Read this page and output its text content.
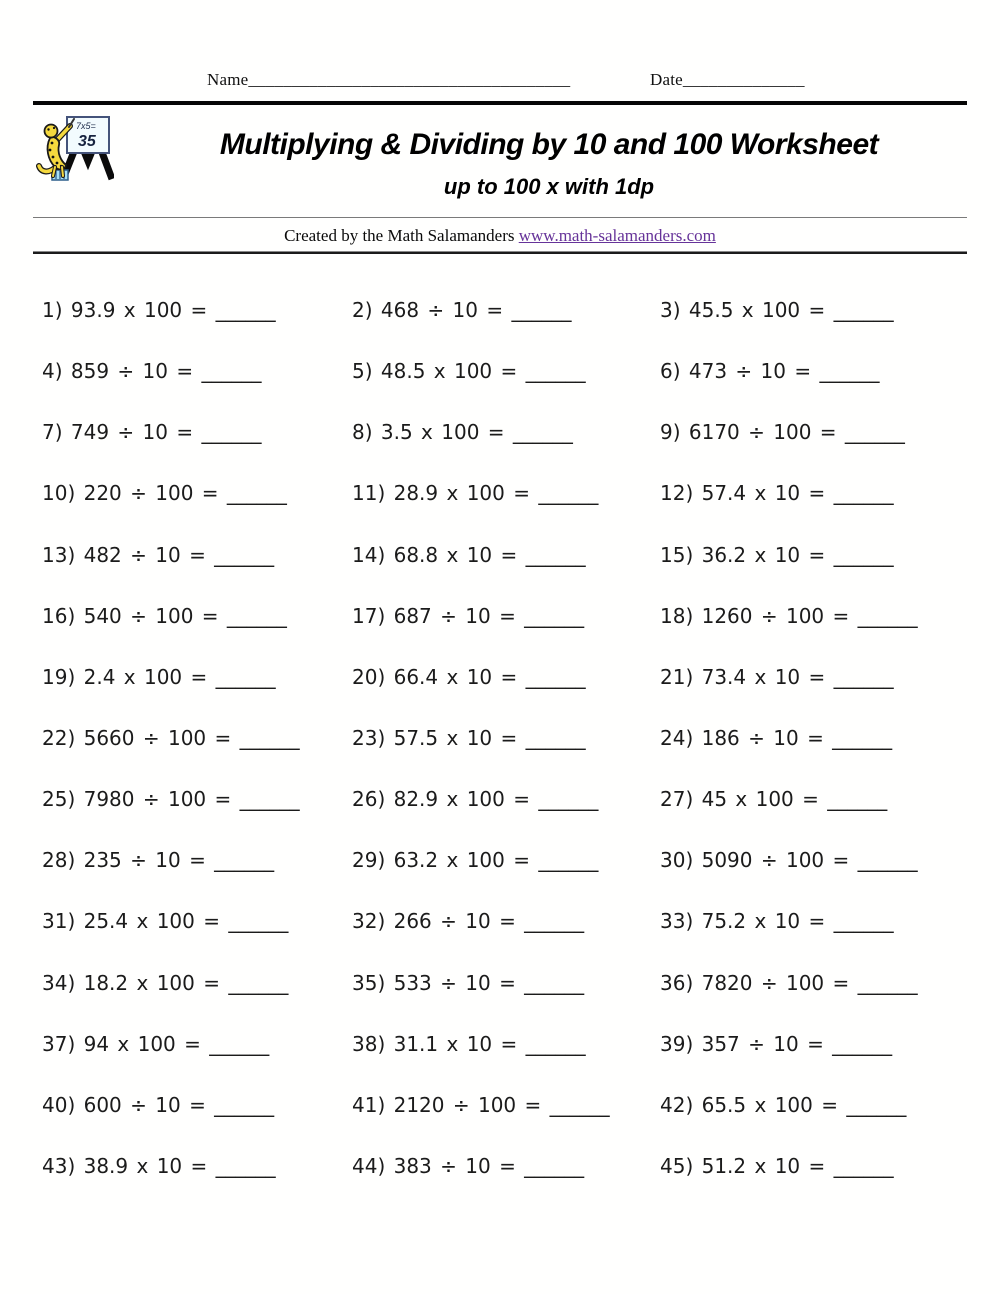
Name_____________________________________	Date______________
7x5=
35	Multiplying & Dividing by 10 and 100 Worksheet
up to 100 x with 1dp
Created by the Math Salamanders www.math-salamanders.com
1) 93.9 x 100 = ______	2) 468 ÷ 10 = ______	3) 45.5 x 100 = ______
4) 859 ÷ 10 = ______	5) 48.5 x 100 = ______	6) 473 ÷ 10 = ______
7) 749 ÷ 10 = ______	8) 3.5 x 100 = ______	9) 6170 ÷ 100 = ______
10) 220 ÷ 100 = ______	11) 28.9 x 100 = ______	12) 57.4 x 10 = ______
13) 482 ÷ 10 = ______	14) 68.8 x 10 = ______	15) 36.2 x 10 = ______
16) 540 ÷ 100 = ______	17) 687 ÷ 10 = ______	18) 1260 ÷ 100 = ______
19) 2.4 x 100 = ______	20) 66.4 x 10 = ______	21) 73.4 x 10 = ______
22) 5660 ÷ 100 = ______	23) 57.5 x 10 = ______	24) 186 ÷ 10 = ______
25) 7980 ÷ 100 = ______	26) 82.9 x 100 = ______	27) 45 x 100 = ______
28) 235 ÷ 10 = ______	29) 63.2 x 100 = ______	30) 5090 ÷ 100 = ______
31) 25.4 x 100 = ______	32) 266 ÷ 10 = ______	33) 75.2 x 10 = ______
34) 18.2 x 100 = ______	35) 533 ÷ 10 = ______	36) 7820 ÷ 100 = ______
37) 94 x 100 = ______	38) 31.1 x 10 = ______	39) 357 ÷ 10 = ______
40) 600 ÷ 10 = ______	41) 2120 ÷ 100 = ______	42) 65.5 x 100 = ______
43) 38.9 x 10 = ______	44) 383 ÷ 10 = ______	45) 51.2 x 10 = ______
